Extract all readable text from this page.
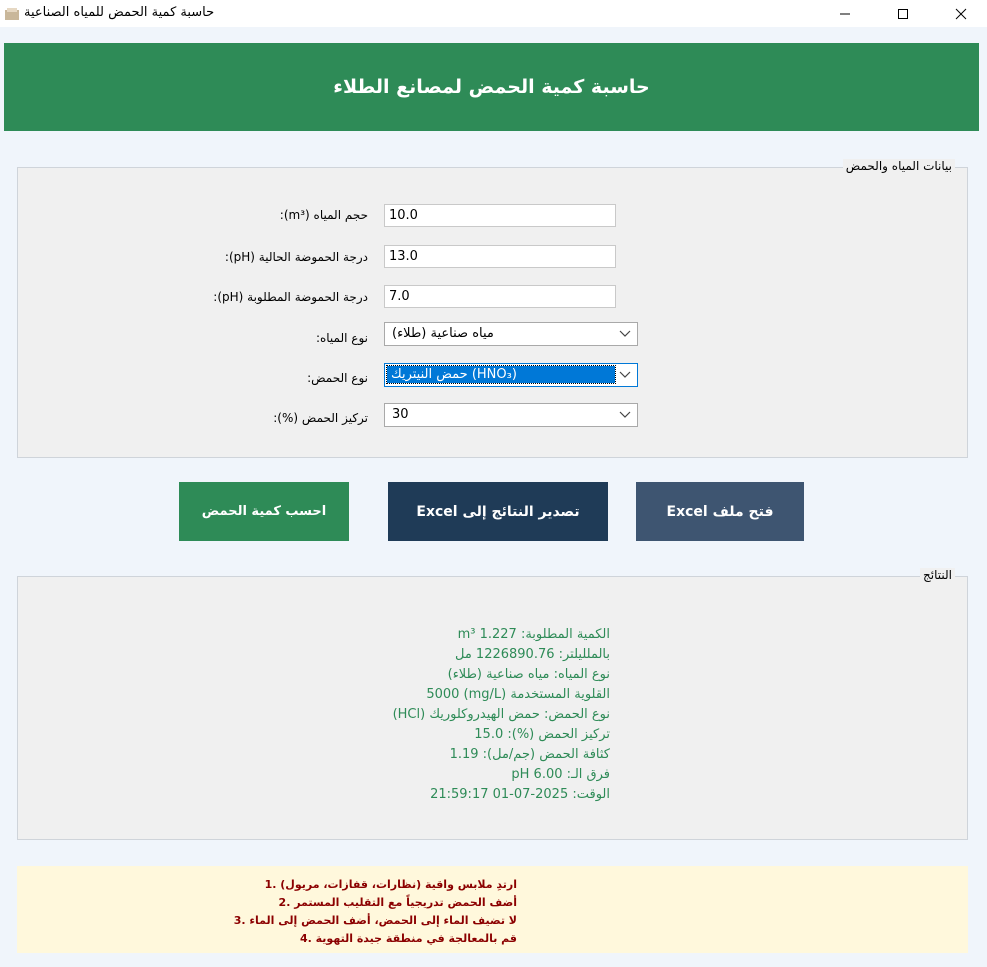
حاسبة كمية الحمض للمياه الصناعية
حاسبة كمية الحمض لمصانع الطلاء
بيانات المياه والحمض
:(m³) حجم المياه
10.0
:(pH) درجة الحموضة الحالية
13.0
:(pH) درجة الحموضة المطلوبة
7.0
:نوع المياه مياه صناعية (طلاء)
:نوع الحمض	حمض النيتريك (HNO₃)
:(%) تركيز الحمض 30
احسب كمية الحمض	Excel تصدير النتائج إلى	Excel فتح ملف
النتائج
m³ الكمية المطلوبة: 1.227
بالملليلتر: 1226890.76 مل
نوع المياه: مياه صناعية (طلاء)
5000 (mg/L) القلوية المستخدمة
(HCl) نوع الحمض: حمض الهيدروكلوريك
تركيز الحمض (%): 15.0
كثافة الحمض (جم/مل): 1.19
pH فرق الـ: 6.00
الوقت: 2025-07-01 21:59:17
ارتدِ ملابس واقية (نظارات، قفازات، مريول) .1
أضف الحمض تدريجياً مع التقليب المستمر .2
لا تضيف الماء إلى الحمض، أضف الحمض إلى الماء .3
قم بالمعالجة في منطقة جيدة التهوية .4
